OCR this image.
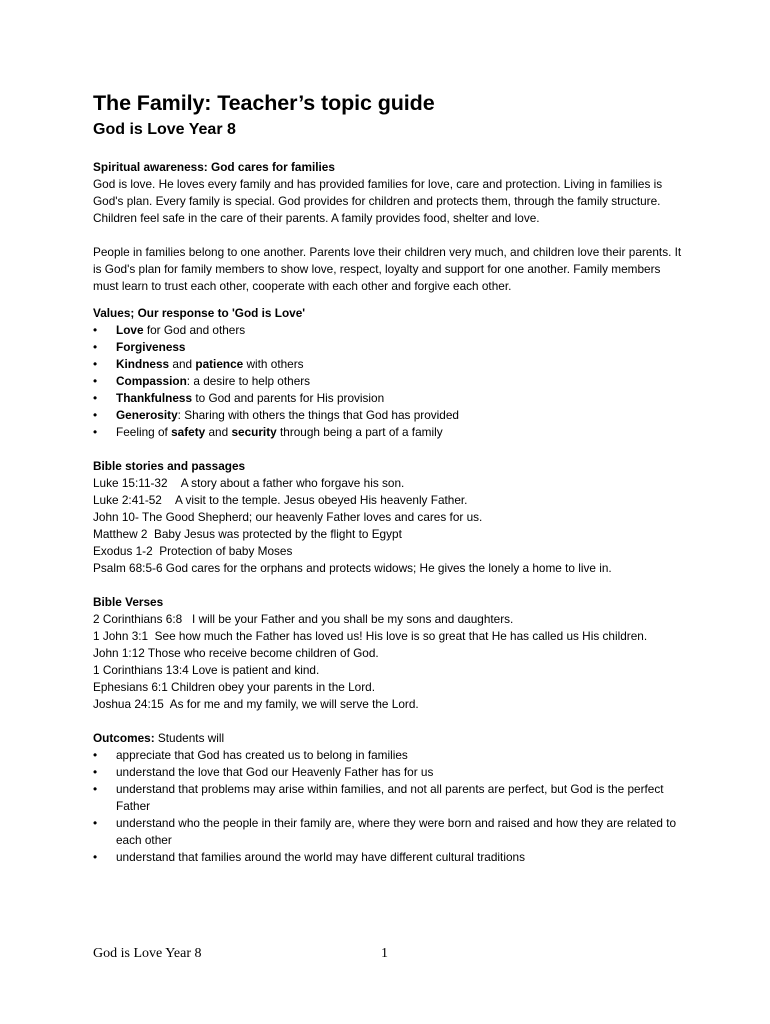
The Family: Teacher’s topic guide
God is Love Year 8

Spiritual awareness: God cares for families

God is love. He loves every family and has provided families for love, care and protection. Living in families is God's plan. Every family is special. God provides for children and protects them, through the family structure. Children feel safe in the care of their parents. A family provides food, shelter and love.

People in families belong to one another. Parents love their children very much, and children love their parents. It is God's plan for family members to show love, respect, loyalty and support for one another. Family members must learn to trust each other, cooperate with each other and forgive each other.

Values; Our response to 'God is Love'

• Love for God and others
• Forgiveness
• Kindness and patience with others
• Compassion: a desire to help others
• Thankfulness to God and parents for His provision
• Generosity: Sharing with others the things that God has provided
• Feeling of safety and security through being a part of a family

Bible stories and passages

Luke 15:11-32 A story about a father who forgave his son.

Luke 2:41-52 A visit to the temple. Jesus obeyed His heavenly Father.

John 10- The Good Shepherd; our heavenly Father loves and cares for us.

Matthew 2  Baby Jesus was protected by the flight to Egypt

Exodus 1-2  Protection of baby Moses

Psalm 68:5-6 God cares for the orphans and protects widows; He gives the lonely a home to live in.

Bible Verses

2 Corinthians 6:8   I will be your Father and you shall be my sons and daughters.

1 John 3:1  See how much the Father has loved us! His love is so great that He has called us His children.

John 1:12 Those who receive become children of God.

1 Corinthians 13:4 Love is patient and kind.

Ephesians 6:1 Children obey your parents in the Lord.

Joshua 24:15  As for me and my family, we will serve the Lord.

Outcomes: Students will

• appreciate that God has created us to belong in families
• understand the love that God our Heavenly Father has for us
• understand that problems may arise within families, and not all parents are perfect, but God is the perfect Father
• understand who the people in their family are, where they were born and raised and how they are related to each other
• understand that families around the world may have different cultural traditions
God is Love Year 8	1
